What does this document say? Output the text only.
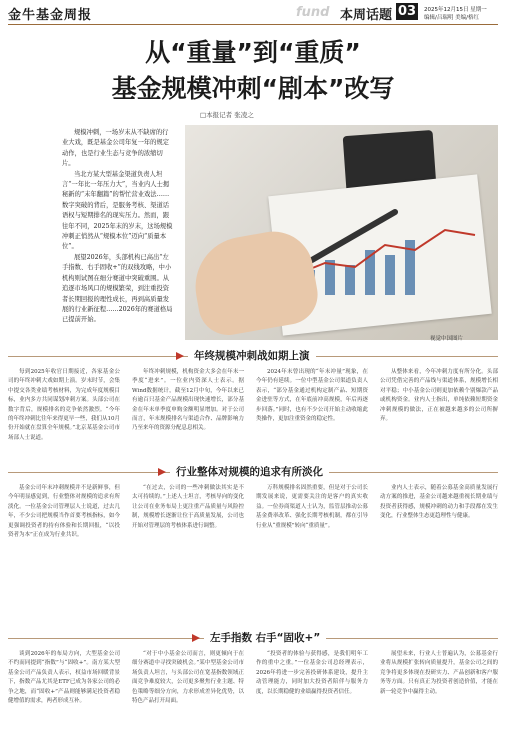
金牛基金周报	fund 本周话题 03	2025年12月15日 星期一
编辑/吕瑞明 美编/格红
从“重量”到“重质”
基金规模冲刺“剧本”改写
□本报记者 张凌之

规模冲刺，一场岁末从不缺席的行业大戏，既是基金公司年复一年的规定动作，也是行业生态与竞争的浓缩切片。

当北方某大型基金渠道负责人坦言“一年比一年压力大”，当业内人士揭秘新的“末年翻篇”的帮忙营业戏法……数字突破的背后，是服务考核、渠道话语权与短期排名的现实压力。然而，跟往年不同，2025年末的岁末，这场规模冲刺正悄然从“规模本位”迈向“质量本位”。

展望2026年，头部机构已高出“左手指数、右手固收+”的双线攻略，中小机构则试图在细分赛道中突破重围。从追逐市场风口的规模繁荣，到注重投资者长期回报的理性成长，再到高质量发展的行业新征程……2026年的赛道格局已提前开始。

视觉中国图片
年终规模冲刺战如期上演

每到2025年收官日期接近，各家基金公司的年终冲刺大戏如期上演。岁末时节，会集中提交各类业绩考核材料，为完成年度规模目标，业内多方共同谋划冲刺方案。头部公司在数字背后，规模排名的竞争依然激烈。“今年的年终冲刺比往年来得更早一些，我们从10月份开始就在盘算全年规模。”北京某基金公司市场部人士说道。

年终冲刺规模，机构资金大多会在年末一季度“进来”。一位业内资深人士表示。据Wind数据统计，截至12月中旬，今年以来已有逾百只基金产品规模出现快速增长，部分基金在年末单季度申购金额明显增加。对于公司而言，年末规模排名与渠道合作、品牌影响力乃至来年的资源分配息息相关。

2024年末曾出现的“年末冲量”现象，在今年仍有延续。一位中型基金公司渠道负责人表示，“部分基金通过机构定制产品、短期资金进驻等方式，在年底前冲高规模，年后再逐步回落。”同时，也有不少公司开始主动收缩此类操作，更加注重资金的稳定性。

从整体来看，今年冲刺力度有所分化。头部公司凭借完善的产品线与渠道体系，规模增长相对平稳；中小基金公司则更加依赖个别爆款产品或机构资金。业内人士指出，单纯依赖短期资金冲刺规模的做法，正在被越来越多的公司所摒弃。

行业整体对规模的追求有所淡化

基金公司年末冲刺规模并不是新鲜事，但今年明显感觉到，行业整体对规模的追求有所淡化。一位基金公司管理层人士说道，过去几年，不少公司把规模当作首要考核指标，如今更强调投资者的持有体验和长期回报，“以投资者为本”正在成为行业共识。

“在过去，公司的一些冲刺做法其实是不太可持续的。”上述人士坦言，考核导向的变化让公司在业务布局上更注重产品质量与风险控制，规模增长逐渐让位于高质量发展，公司也开始对管理层的考核体系进行调整。

万科规模排名固然重要，但是对于公司长期发展来说，更需要关注的是客户的真实收益。一位券商渠道人士认为，监管层推动公募基金费率改革、强化长期考核机制，都在引导行业从“重规模”转向“重质量”。

业内人士表示，随着公募基金高质量发展行动方案的推进，基金公司越来越重视长期业绩与投资者获得感，规模冲刺的动力和手段都在发生变化，行业整体生态更趋理性与健康。

左手指数 右手“固收+”

谈到2026年的布局方向，大型基金公司不约而同提到“指数”与“固收+”。南方某大型基金公司产品负责人表示，权益市场回暖背景下，指数产品尤其是ETF已成为各家公司的必争之地，而“固收+”产品则能够满足投资者稳健增值的需求，两者形成互补。

“对于中小基金公司而言，则更倾向于在细分赛道中寻找突破机会。”某中型基金公司市场负责人坦言，与头部公司在宽基指数领域正面竞争难度较大，公司更多聚焦行业主题、特色策略等细分方向，力求形成差异化优势，以特色产品打开局面。

“投资者的体验与获得感，是我们明年工作的重中之重。”一位基金公司总经理表示，2026年将进一步完善投研体系建设，提升主动管理能力，同时加大投资者陪伴与服务力度，以长期稳健的业绩赢得投资者信任。

展望未来，行业人士普遍认为，公募基金行业将从规模扩张转向质量提升，基金公司之间的竞争将更多体现在投研实力、产品创新和客户服务等方面。只有真正为投资者创造价值，才能在新一轮竞争中赢得主动。
